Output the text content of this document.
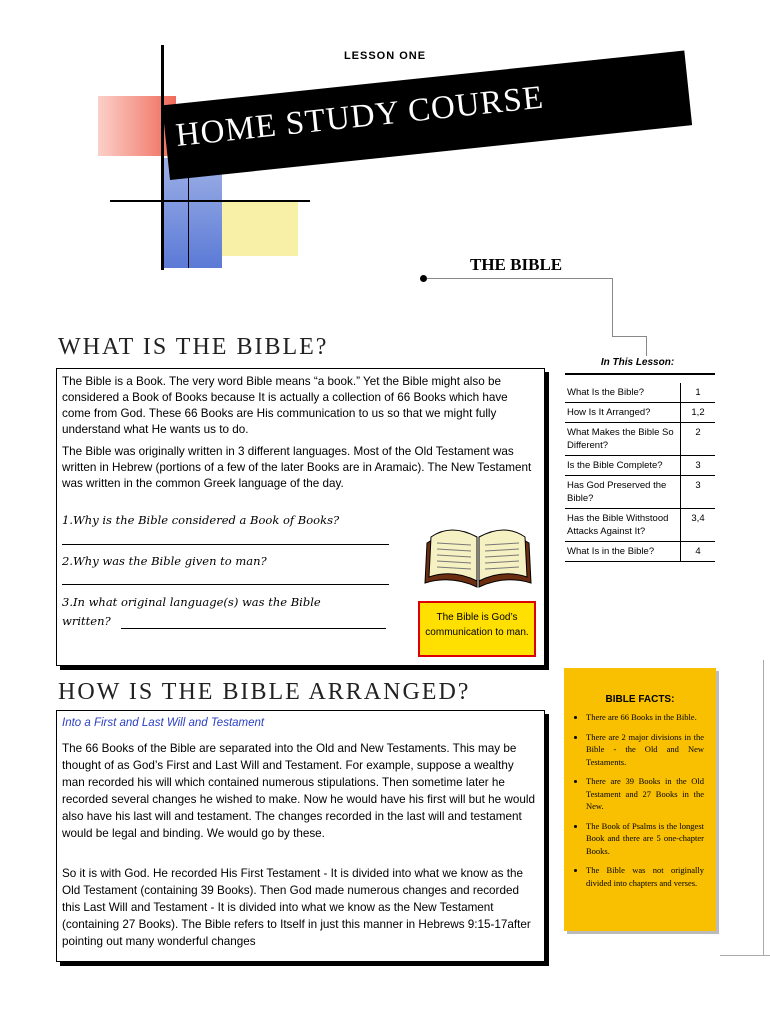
LESSON ONE
HOME STUDY COURSE
THE BIBLE
WHAT IS THE BIBLE?
The Bible is a Book. The very word Bible means “a book.” Yet the Bible might also be considered a Book of Books because It is actually a collection of 66 Books which have come from God. These 66 Books are His communication to us so that we might fully understand what He wants us to do.
The Bible was originally written in 3 different languages. Most of the Old Testament was written in Hebrew (portions of a few of the later Books are in Aramaic). The New Testament was written in the common Greek language of the day.
1.Why is the Bible considered a Book of Books?
2.Why was the Bible given to man?
3.In what original language(s) was the Bible
written?	The Bible is God’s communication to man.
In This Lesson:
What Is the Bible?	1
How Is It Arranged?	1,2
What Makes the Bible So Different?	2
Is the Bible Complete?	3
Has God Preserved the Bible?	3
Has the Bible Withstood Attacks Against It?	3,4
What Is in the Bible?	4
BIBLE FACTS:
• There are 66 Books in the Bible.
• There are 2 major divisions in the Bible - the Old and New Testaments.
• There are 39 Books in the Old Testament and 27 Books in the New.
• The Book of Psalms is the longest Book and there are 5 one-chapter Books.
• The Bible was not originally divided into chapters and verses.
HOW IS THE BIBLE ARRANGED?
Into a First and Last Will and Testament
The 66 Books of the Bible are separated into the Old and New Testaments. This may be thought of as God’s First and Last Will and Testament. For example, suppose a wealthy man recorded his will which contained numerous stipulations. Then sometime later he recorded several changes he wished to make. Now he would have his first will but he would also have his last will and testament. The changes recorded in the last will and testament would be legal and binding. We would go by these.
So it is with God. He recorded His First Testament - It is divided into what we know as the Old Testament (containing 39 Books). Then God made numerous changes and recorded this Last Will and Testament - It is divided into what we know as the New Testament (containing 27 Books). The Bible refers to Itself in just this manner in Hebrews 9:15-17after pointing out many wonderful changes
